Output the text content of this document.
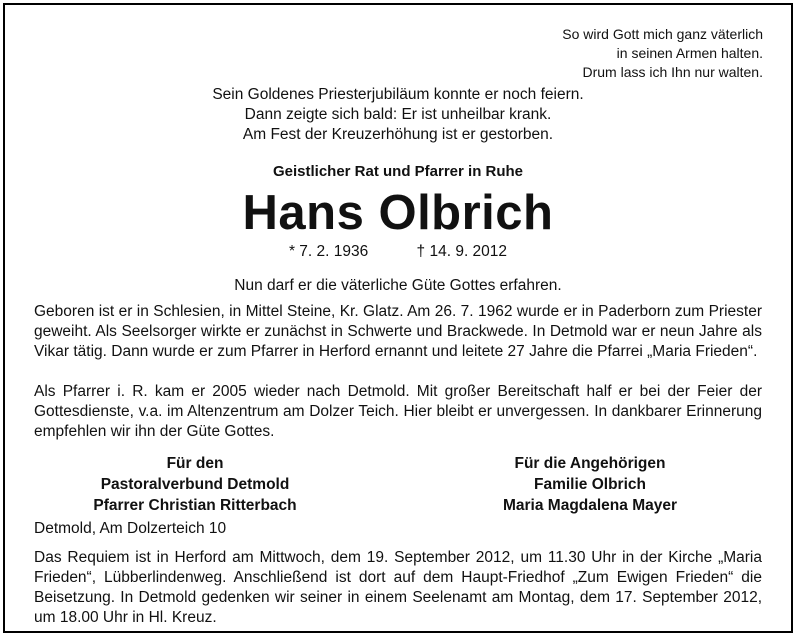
So wird Gott mich ganz väterlich
in seinen Armen halten.
Drum lass ich Ihn nur walten.
Sein Goldenes Priesterjubiläum konnte er noch feiern.
Dann zeigte sich bald: Er ist unheilbar krank.
Am Fest der Kreuzerhöhung ist er gestorben.
Geistlicher Rat und Pfarrer in Ruhe
Hans Olbrich
* 7. 2. 1936	† 14. 9. 2012
Nun darf er die väterliche Güte Gottes erfahren.
Geboren ist er in Schlesien, in Mittel Steine, Kr. Glatz. Am 26. 7. 1962 wurde er in Paderborn zum Priester geweiht. Als Seelsorger wirkte er zunächst in Schwerte und Brackwede. In Detmold war er neun Jahre als Vikar tätig. Dann wurde er zum Pfarrer in Herford ernannt und leitete 27 Jahre die Pfarrei „Maria Frieden“.
Als Pfarrer i. R. kam er 2005 wieder nach Detmold. Mit großer Bereitschaft half er bei der Feier der Gottesdienste, v.a. im Altenzentrum am Dolzer Teich. Hier bleibt er unvergessen. In dankbarer Erinnerung empfehlen wir ihn der Güte Gottes.
Für den
Pastoralverbund Detmold
Pfarrer Christian Ritterbach
Für die Angehörigen
Familie Olbrich
Maria Magdalena Mayer
Detmold, Am Dolzerteich 10
Das Requiem ist in Herford am Mittwoch, dem 19. September 2012, um 11.30 Uhr in der Kirche „Maria Frieden“, Lübberlindenweg. Anschließend ist dort auf dem Haupt-Friedhof „Zum Ewigen Frieden“ die Beisetzung. In Detmold gedenken wir seiner in einem Seelenamt am Montag, dem 17. September 2012, um 18.00 Uhr in Hl. Kreuz.
